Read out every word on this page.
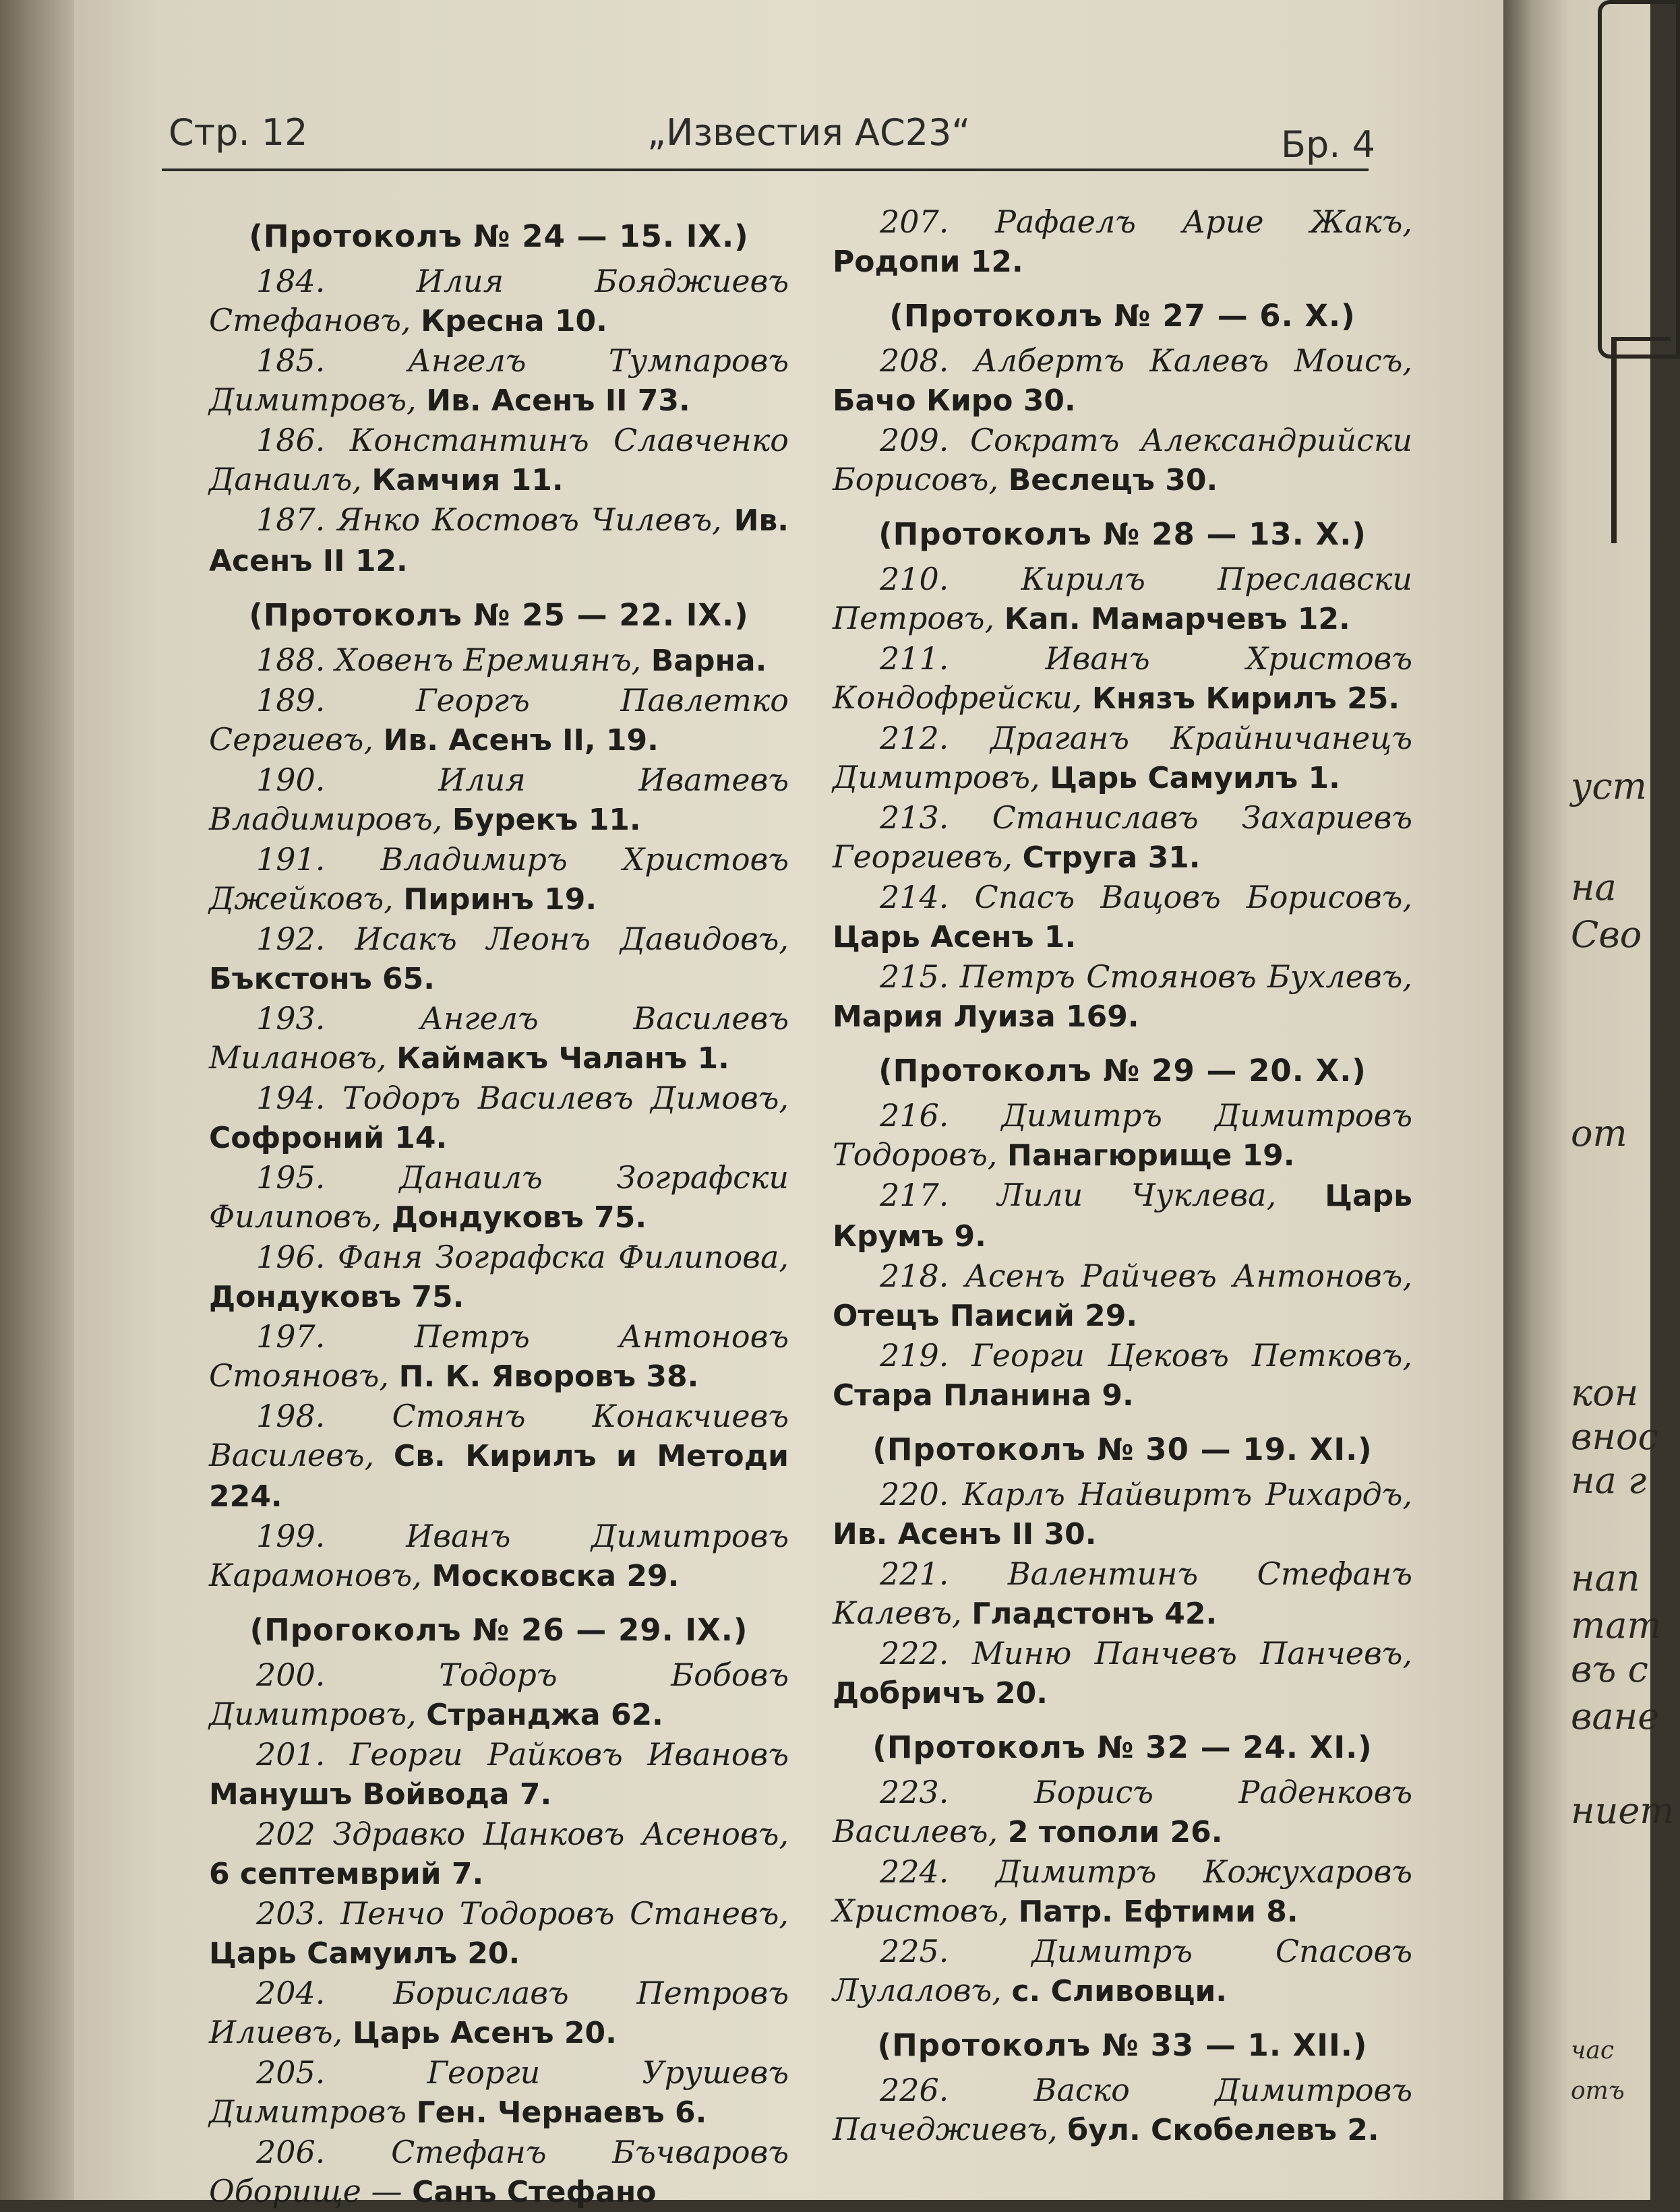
уст
на
Сво
от
кон
внос
на г
нап
тат
въ с
ване
ниет
час
отъ
Стр. 12	„Известия АС23“	Бр. 4
(Протоколъ № 24 — 15. IX.)
184. Илия Бояджиевъ Стефановъ, Кресна 10.
185. Ангелъ Тумпаровъ Димитровъ, Ив. Асенъ II 73.
186. Константинъ Славченко Данаилъ, Камчия 11.
187. Янко Костовъ Чилевъ, Ив. Асенъ II 12.
(Протоколъ № 25 — 22. IX.)
188. Ховенъ Еремиянъ, Варна.
189. Георгъ Павлетко Сергиевъ, Ив. Асенъ II, 19.
190. Илия Иватевъ Владимировъ, Бурекъ 11.
191. Владимиръ Христовъ Джейковъ, Пиринъ 19.
192. Исакъ Леонъ Давидовъ, Бъкстонъ 65.
193. Ангелъ Василевъ Милановъ, Каймакъ Чаланъ 1.
194. Тодоръ Василевъ Димовъ, Софроний 14.
195. Данаилъ Зографски Филиповъ, Дондуковъ 75.
196. Фаня Зографска Филипова, Дондуковъ 75.
197. Петръ Антоновъ Стояновъ, П. К. Яворовъ 38.
198. Стоянъ Конакчиевъ Василевъ, Св. Кирилъ и Методи 224.
199. Иванъ Димитровъ Карамоновъ, Московска 29.
(Прогоколъ № 26 — 29. IX.)
200. Тодоръ Бобовъ Димитровъ, Странджа 62.
201. Георги Райковъ Ивановъ Манушъ Войвода 7.
202 Здравко Цанковъ Асеновъ, 6 септемврий 7.
203. Пенчо Тодоровъ Станевъ, Царь Самуилъ 20.
204. Бориславъ Петровъ Илиевъ, Царь Асенъ 20.
205. Георги Урушевъ Димитровъ Ген. Чернаевъ 6.
206. Стефанъ Бъчваровъ Оборище — Санъ Стефано
207. Рафаелъ Арие Жакъ, Родопи 12.
(Протоколъ № 27 — 6. X.)
208. Албертъ Калевъ Моисъ, Бачо Киро 30.
209. Сократъ Александрийски Борисовъ, Веслецъ 30.
(Протоколъ № 28 — 13. X.)
210. Кирилъ Преславски Петровъ, Кап. Мамарчевъ 12.
211. Иванъ Христовъ Кондофрейски, Князъ Кирилъ 25.
212. Драганъ Крайничанецъ Димитровъ, Царь Самуилъ 1.
213. Станиславъ Захариевъ Георгиевъ, Струга 31.
214. Спасъ Вацовъ Борисовъ, Царь Асенъ 1.
215. Петръ Стояновъ Бухлевъ, Мария Луиза 169.
(Протоколъ № 29 — 20. X.)
216. Димитръ Димитровъ Тодоровъ, Панагюрище 19.
217. Лили Чуклева, Царь Крумъ 9.
218. Асенъ Райчевъ Антоновъ, Отецъ Паисий 29.
219. Георги Цековъ Петковъ, Стара Планина 9.
(Протоколъ № 30 — 19. XI.)
220. Карлъ Найвиртъ Рихардъ, Ив. Асенъ II 30.
221. Валентинъ Стефанъ Калевъ, Гладстонъ 42.
222. Миню Панчевъ Панчевъ, Добричъ 20.
(Протоколъ № 32 — 24. XI.)
223. Борисъ Раденковъ Василевъ, 2 тополи 26.
224. Димитръ Кожухаровъ Христовъ, Патр. Ефтими 8.
225. Димитръ Спасовъ Лулаловъ, с. Сливовци.
(Протоколъ № 33 — 1. XII.)
226. Васко Димитровъ Пачеджиевъ, бул. Скобелевъ 2.
